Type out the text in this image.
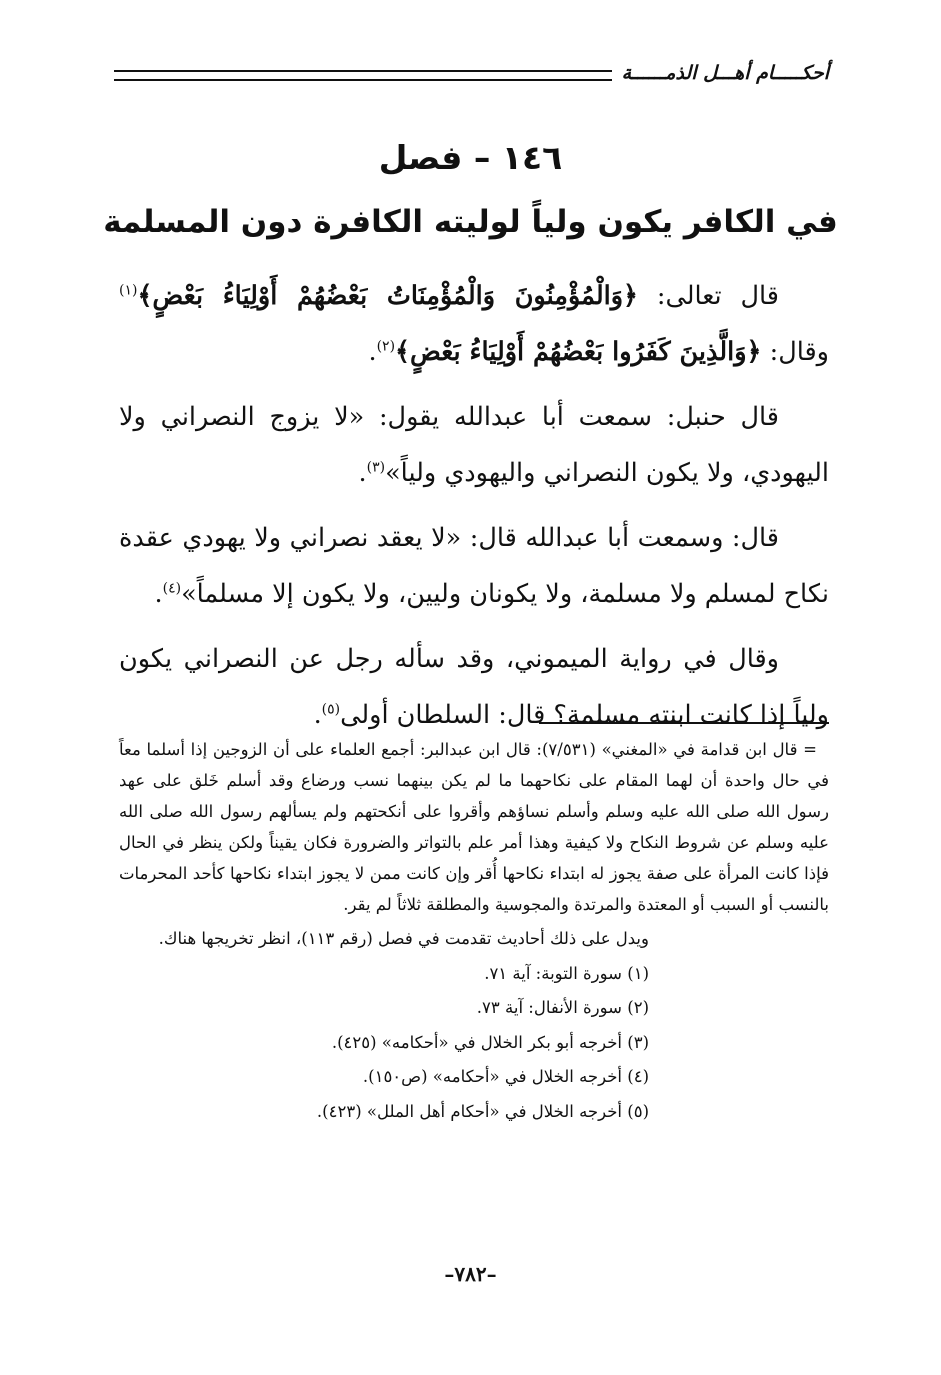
أحكـــــام أهـــل الذمــــــة
١٤٦ – فصل
في الكافر يكون ولياً لوليته الكافرة دون المسلمة

قال تعالى: ﴿وَالْمُؤْمِنُونَ وَالْمُؤْمِنَاتُ بَعْضُهُمْ أَوْلِيَاءُ بَعْضٍ﴾$^{(١)}$ وقال: ﴿وَالَّذِينَ كَفَرُوا بَعْضُهُمْ أَوْلِيَاءُ بَعْضٍ﴾$^{(٢)}$.

قال حنبل: سمعت أبا عبدالله يقول: «لا يزوج النصراني ولا اليهودي، ولا يكون النصراني واليهودي ولياً»$^{(٣)}$.

قال: وسمعت أبا عبدالله قال: «لا يعقد نصراني ولا يهودي عقدة نكاح لمسلم ولا مسلمة، ولا يكونان وليين، ولا يكون إلا مسلماً»$^{(٤)}$.

وقال في رواية الميموني، وقد سأله رجل عن النصراني يكون ولياً إذا كانت ابنته مسلمة؟ قال: السلطان أولى$^{(٥)}$.

= قال ابن قدامة في «المغني» (٧/٥٣١): قال ابن عبدالبر: أجمع العلماء على أن الزوجين إذا أسلما معاً في حال واحدة أن لهما المقام على نكاحهما ما لم يكن بينهما نسب ورضاع وقد أسلم خَلق على عهد رسول الله صلى الله عليه وسلم وأسلم نساؤهم وأقروا على أنكحتهم ولم يسألهم رسول الله صلى الله عليه وسلم عن شروط النكاح ولا كيفية وهذا أمر علم بالتواتر والضرورة فكان يقيناً ولكن ينظر في الحال فإذا كانت المرأة على صفة يجوز له ابتداء نكاحها أُقر وإن كانت ممن لا يجوز ابتداء نكاحها كأحد المحرمات بالنسب أو السبب أو المعتدة والمرتدة والمجوسية والمطلقة ثلاثاً لم يقر.

ويدل على ذلك أحاديث تقدمت في فصل (رقم ١١٣)، انظر تخريجها هناك.

(١) سورة التوبة: آية ٧١.

(٢) سورة الأنفال: آية ٧٣.

(٣) أخرجه أبو بكر الخلال في «أحكامه» (٤٢٥).

(٤) أخرجه الخلال في «أحكامه» (ص١٥٠).

(٥) أخرجه الخلال في «أحكام أهل الملل» (٤٢٣).

–٧٨٢–
